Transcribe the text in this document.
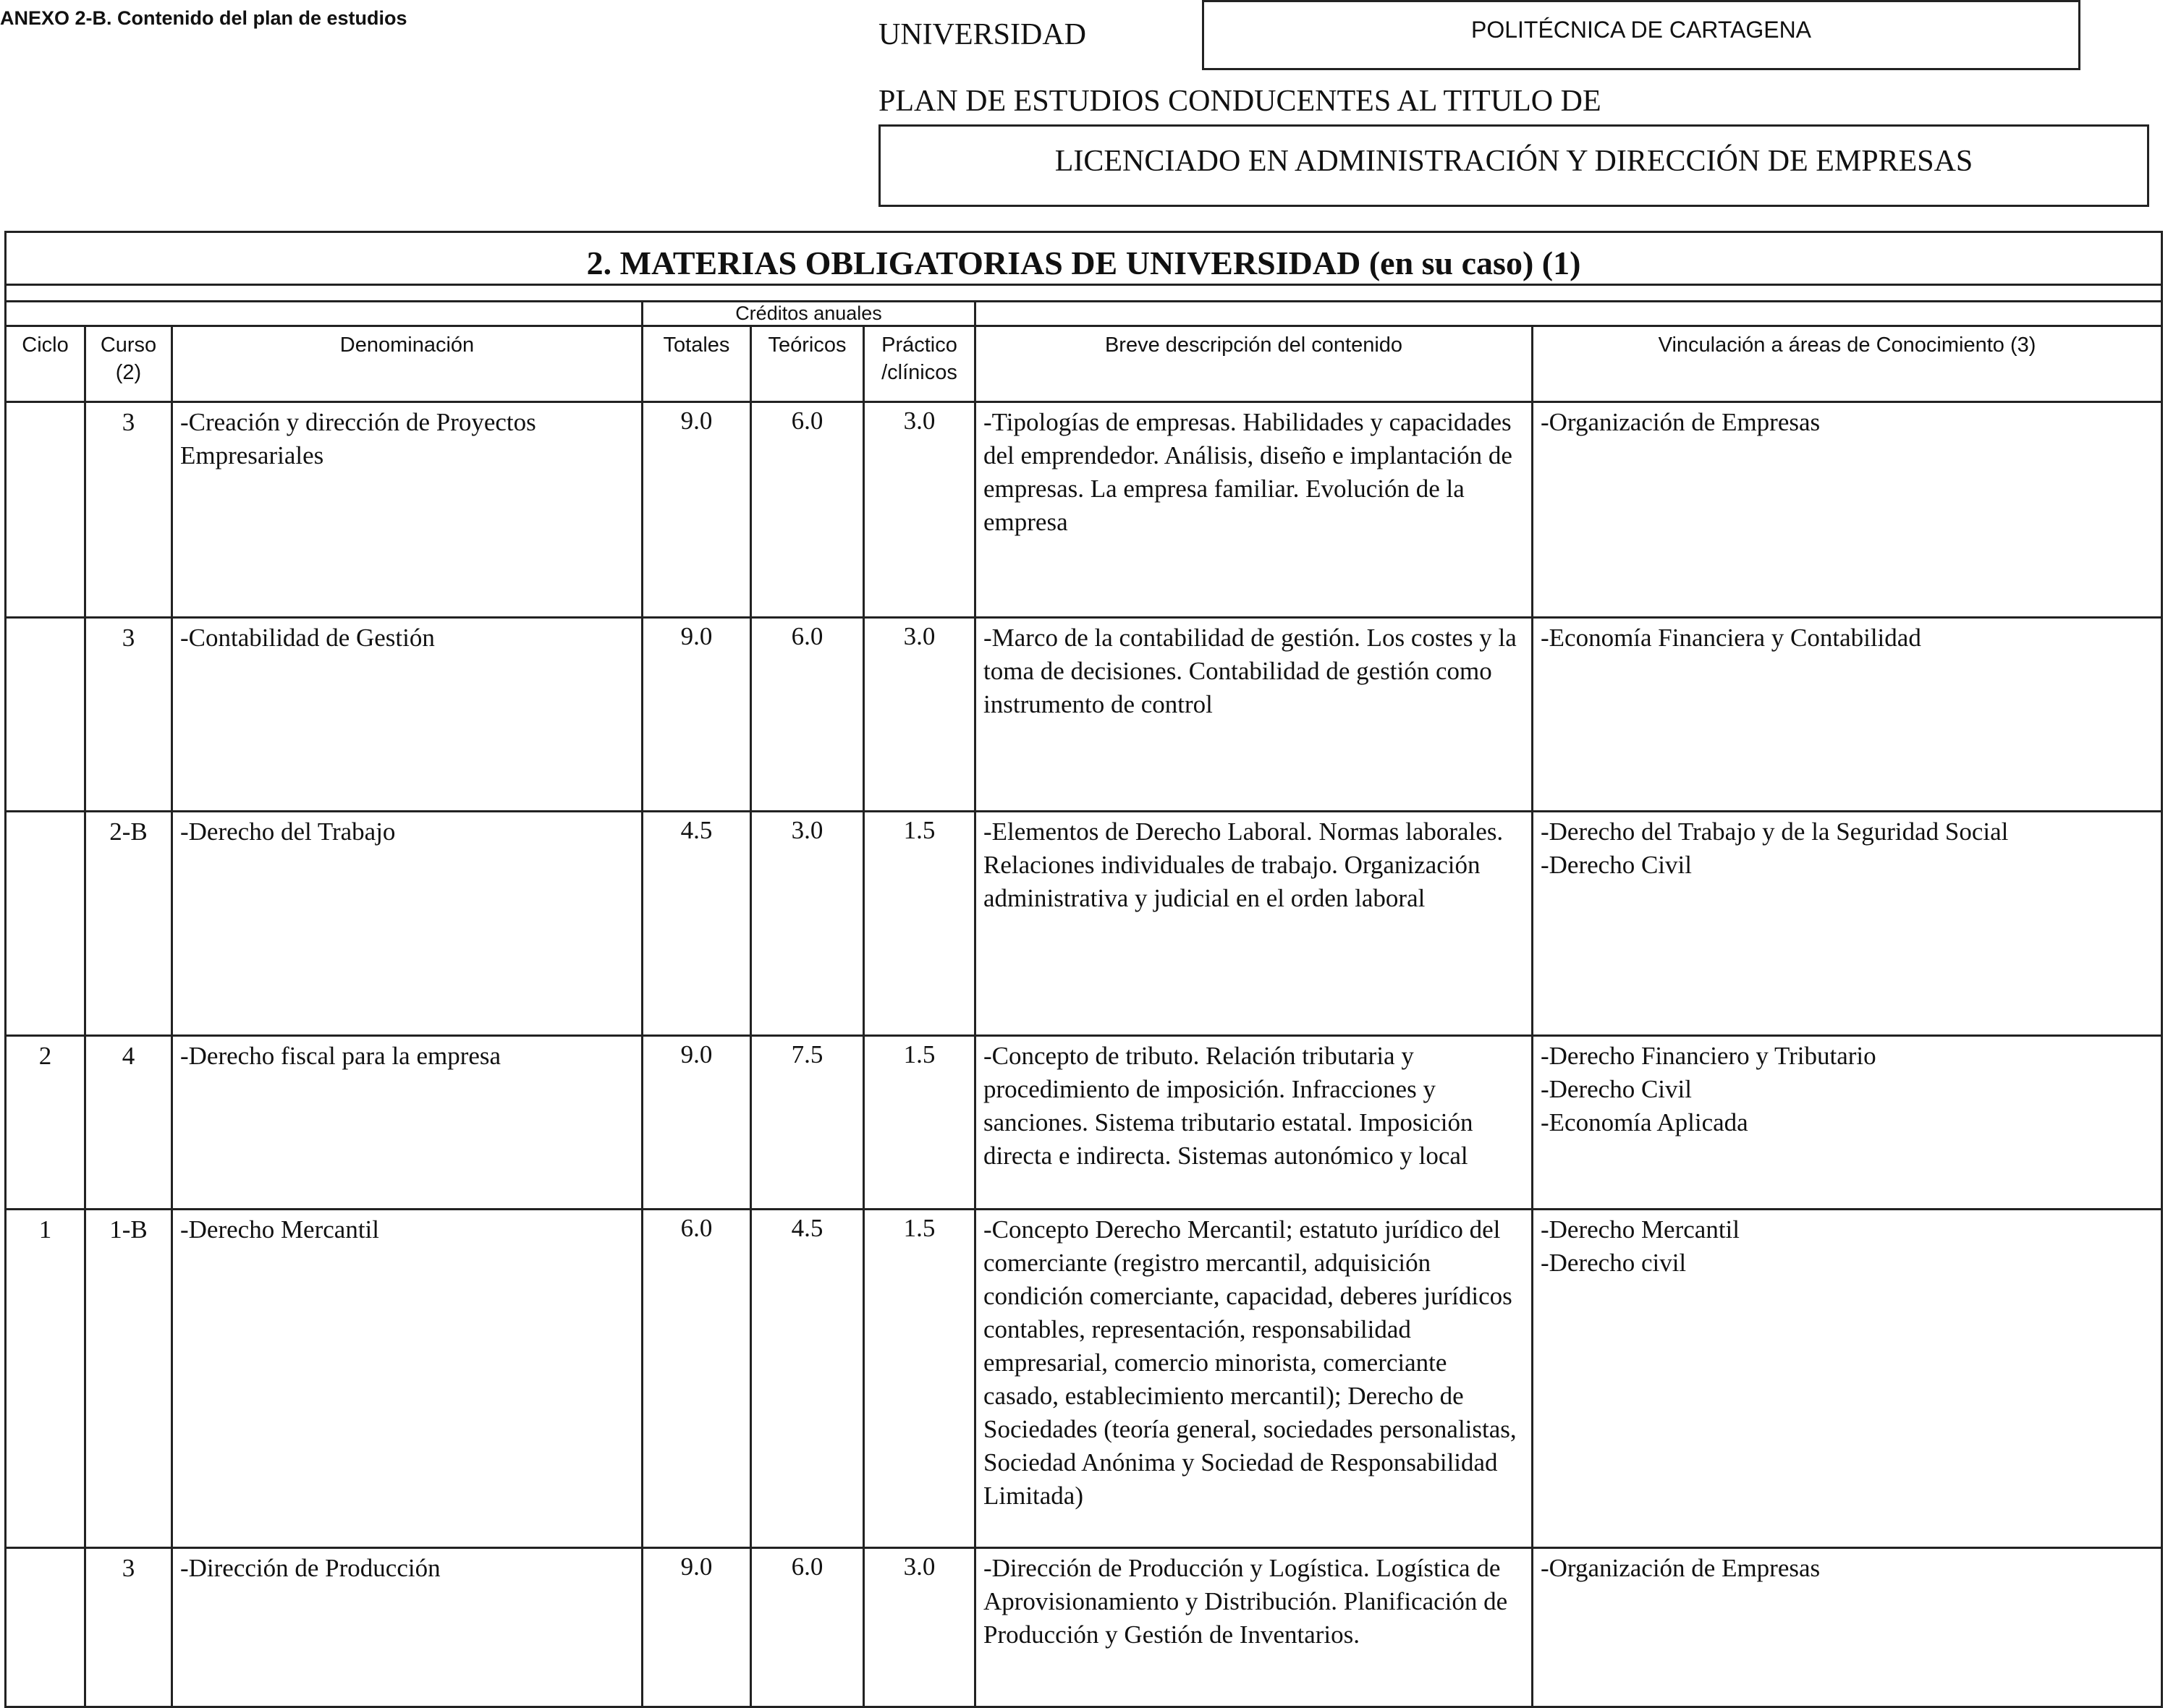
ANEXO 2-B. Contenido del plan de estudios	UNIVERSIDAD	POLITÉCNICA DE CARTAGENA
PLAN DE ESTUDIOS CONDUCENTES AL TITULO DE
LICENCIADO EN ADMINISTRACIÓN Y DIRECCIÓN DE EMPRESAS
2. MATERIAS OBLIGATORIAS DE UNIVERSIDAD (en su caso) (1)							

			Créditos anuales				
Ciclo	Curso (2)	Denominación	Totales	Teóricos	Práctico /clínicos	Breve descripción del contenido	Vinculación a áreas de Conocimiento (3)
	3	-Creación y dirección de Proyectos Empresariales	9.0	6.0	3.0	-Tipologías de empresas. Habilidades y capacidades del emprendedor. Análisis, diseño e implantación de empresas. La empresa familiar. Evolución de la empresa	-Organización de Empresas
	3	-Contabilidad de Gestión	9.0	6.0	3.0	-Marco de la contabilidad de gestión. Los costes y la toma de decisiones. Contabilidad de gestión como instrumento de control	-Economía Financiera y Contabilidad
	2-B	-Derecho del Trabajo	4.5	3.0	1.5	-Elementos de Derecho Laboral. Normas laborales. Relaciones individuales de trabajo. Organización administrativa y judicial en el orden laboral	-Derecho del Trabajo y de la Seguridad Social
-Derecho Civil
2	4	-Derecho fiscal para la empresa	9.0	7.5	1.5	-Concepto de tributo. Relación tributaria y procedimiento de imposición. Infracciones y sanciones. Sistema tributario estatal. Imposición directa e indirecta. Sistemas autonómico y local	-Derecho Financiero y Tributario
-Derecho Civil
-Economía Aplicada
1	1-B	-Derecho Mercantil	6.0	4.5	1.5	-Concepto Derecho Mercantil; estatuto jurídico del comerciante (registro mercantil, adquisición condición comerciante, capacidad, deberes jurídicos contables, representación, responsabilidad empresarial, comercio minorista, comerciante casado, establecimiento mercantil); Derecho de Sociedades (teoría general, sociedades personalistas, Sociedad Anónima y Sociedad de Responsabilidad Limitada)	-Derecho Mercantil
-Derecho civil
	3	-Dirección de Producción	9.0	6.0	3.0	-Dirección de Producción y Logística. Logística de Aprovisionamiento y Distribución. Planificación de Producción y Gestión de Inventarios.	-Organización de Empresas
